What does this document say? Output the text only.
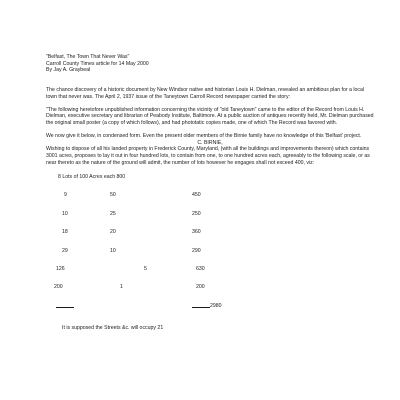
"Belfast, The Town That Never Was"

Carroll County Times article for 14 May 2000

By Jay A. Graybeal

The chance discovery of a historic document by New Windsor native and historian Louis H. Dielman, revealed an ambitious plan for a local town that never was. The April 2, 1937 issue of the Taneytown Carroll Record newspaper carried the story:

"The following heretofore unpublished information concerning the vicinity of "old Taneytown" came to the editor of the Record from Louis H. Dielman, executive secretary and librarian of Peabody Institute, Baltimore. At a public auction of antiques recently held, Mr. Dielman purchased the original small poster (a copy of which follows), and had phototatic copies made, one of which The Record was favored with.

We now give it below, in condensed form. Even the present older members of the Birnie family have no knowledge of this 'Belfast' project.

C. BIRNIE,

Wishing to dispose of all his landed property in Frederick County, Maryland, (with all the buildings and improvements thereon) which contains 3001 acres, proposes to lay it out in four hundred lots, to contain from one, to one hundred acres each, agreeably to the following scale, or as near thereto as the nature of the ground will admit, the number of lots however he engages shall not exceed 400, viz:

8 Lots of 100 Acres each 800
9	50	450
10	25	250
18	20	360
29	10	290
126	5	630
200	1	200
2980

It is supposed the Streets &c. will occupy 21
